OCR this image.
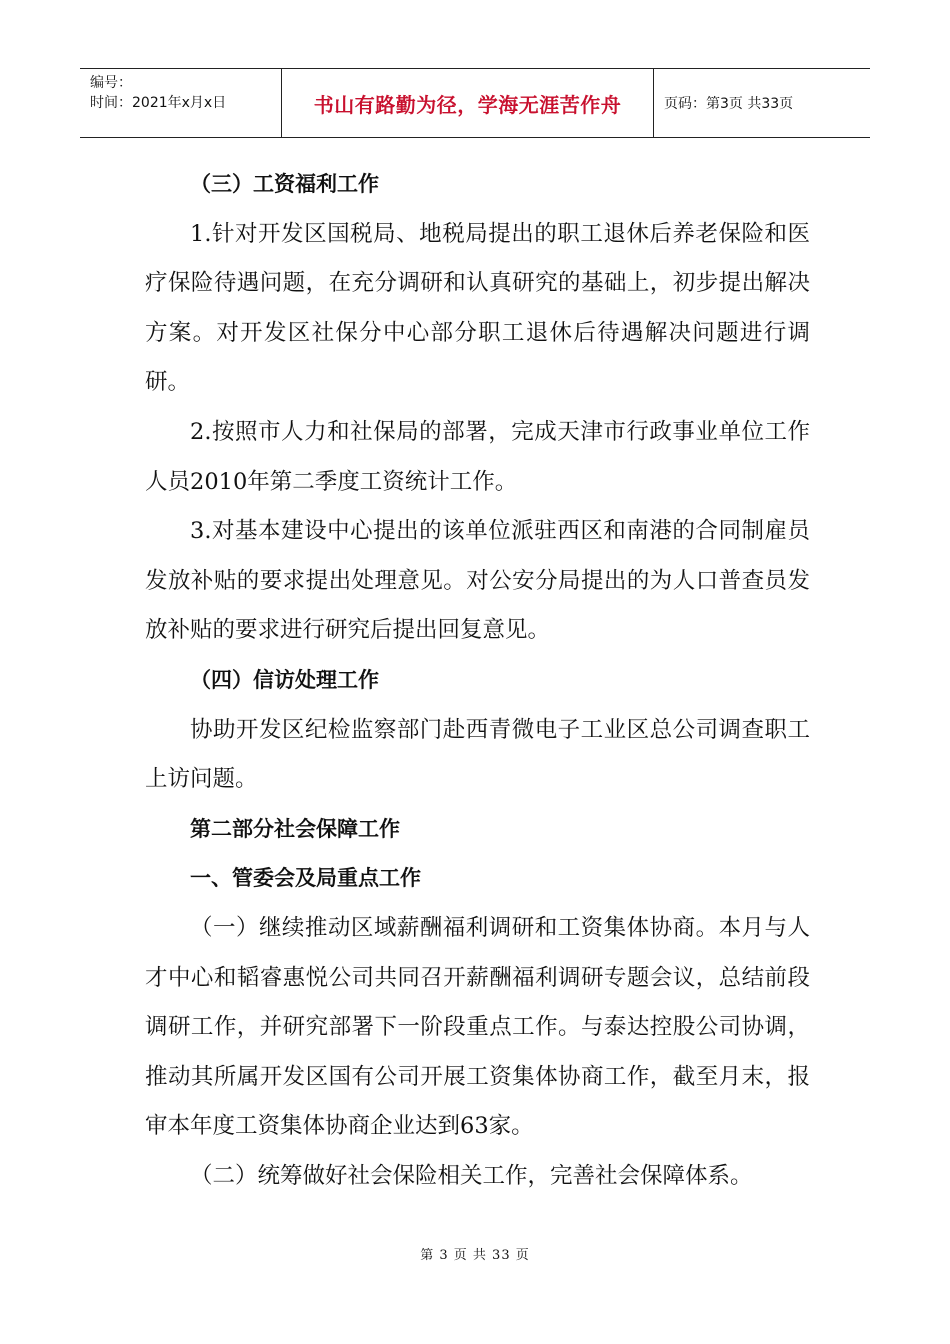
编号：
时间：2021年x月x日	书山有路勤为径，学海无涯苦作舟	页码：第3页 共33页

（三）工资福利工作

1.针对开发区国税局、地税局提出的职工退休后养老保险和医疗保险待遇问题，在充分调研和认真研究的基础上，初步提出解决方案。对开发区社保分中心部分职工退休后待遇解决问题进行调研。

2.按照市人力和社保局的部署，完成天津市行政事业单位工作人员2010年第二季度工资统计工作。

3.对基本建设中心提出的该单位派驻西区和南港的合同制雇员发放补贴的要求提出处理意见。对公安分局提出的为人口普查员发放补贴的要求进行研究后提出回复意见。

（四）信访处理工作

协助开发区纪检监察部门赴西青微电子工业区总公司调查职工上访问题。

第二部分社会保障工作

一、管委会及局重点工作

（一）继续推动区域薪酬福利调研和工资集体协商。本月与人才中心和韬睿惠悦公司共同召开薪酬福利调研专题会议，总结前段调研工作，并研究部署下一阶段重点工作。与泰达控股公司协调，推动其所属开发区国有公司开展工资集体协商工作，截至月末，报审本年度工资集体协商企业达到63家。

（二）统筹做好社会保险相关工作，完善社会保障体系。

第 3 页 共 33 页
